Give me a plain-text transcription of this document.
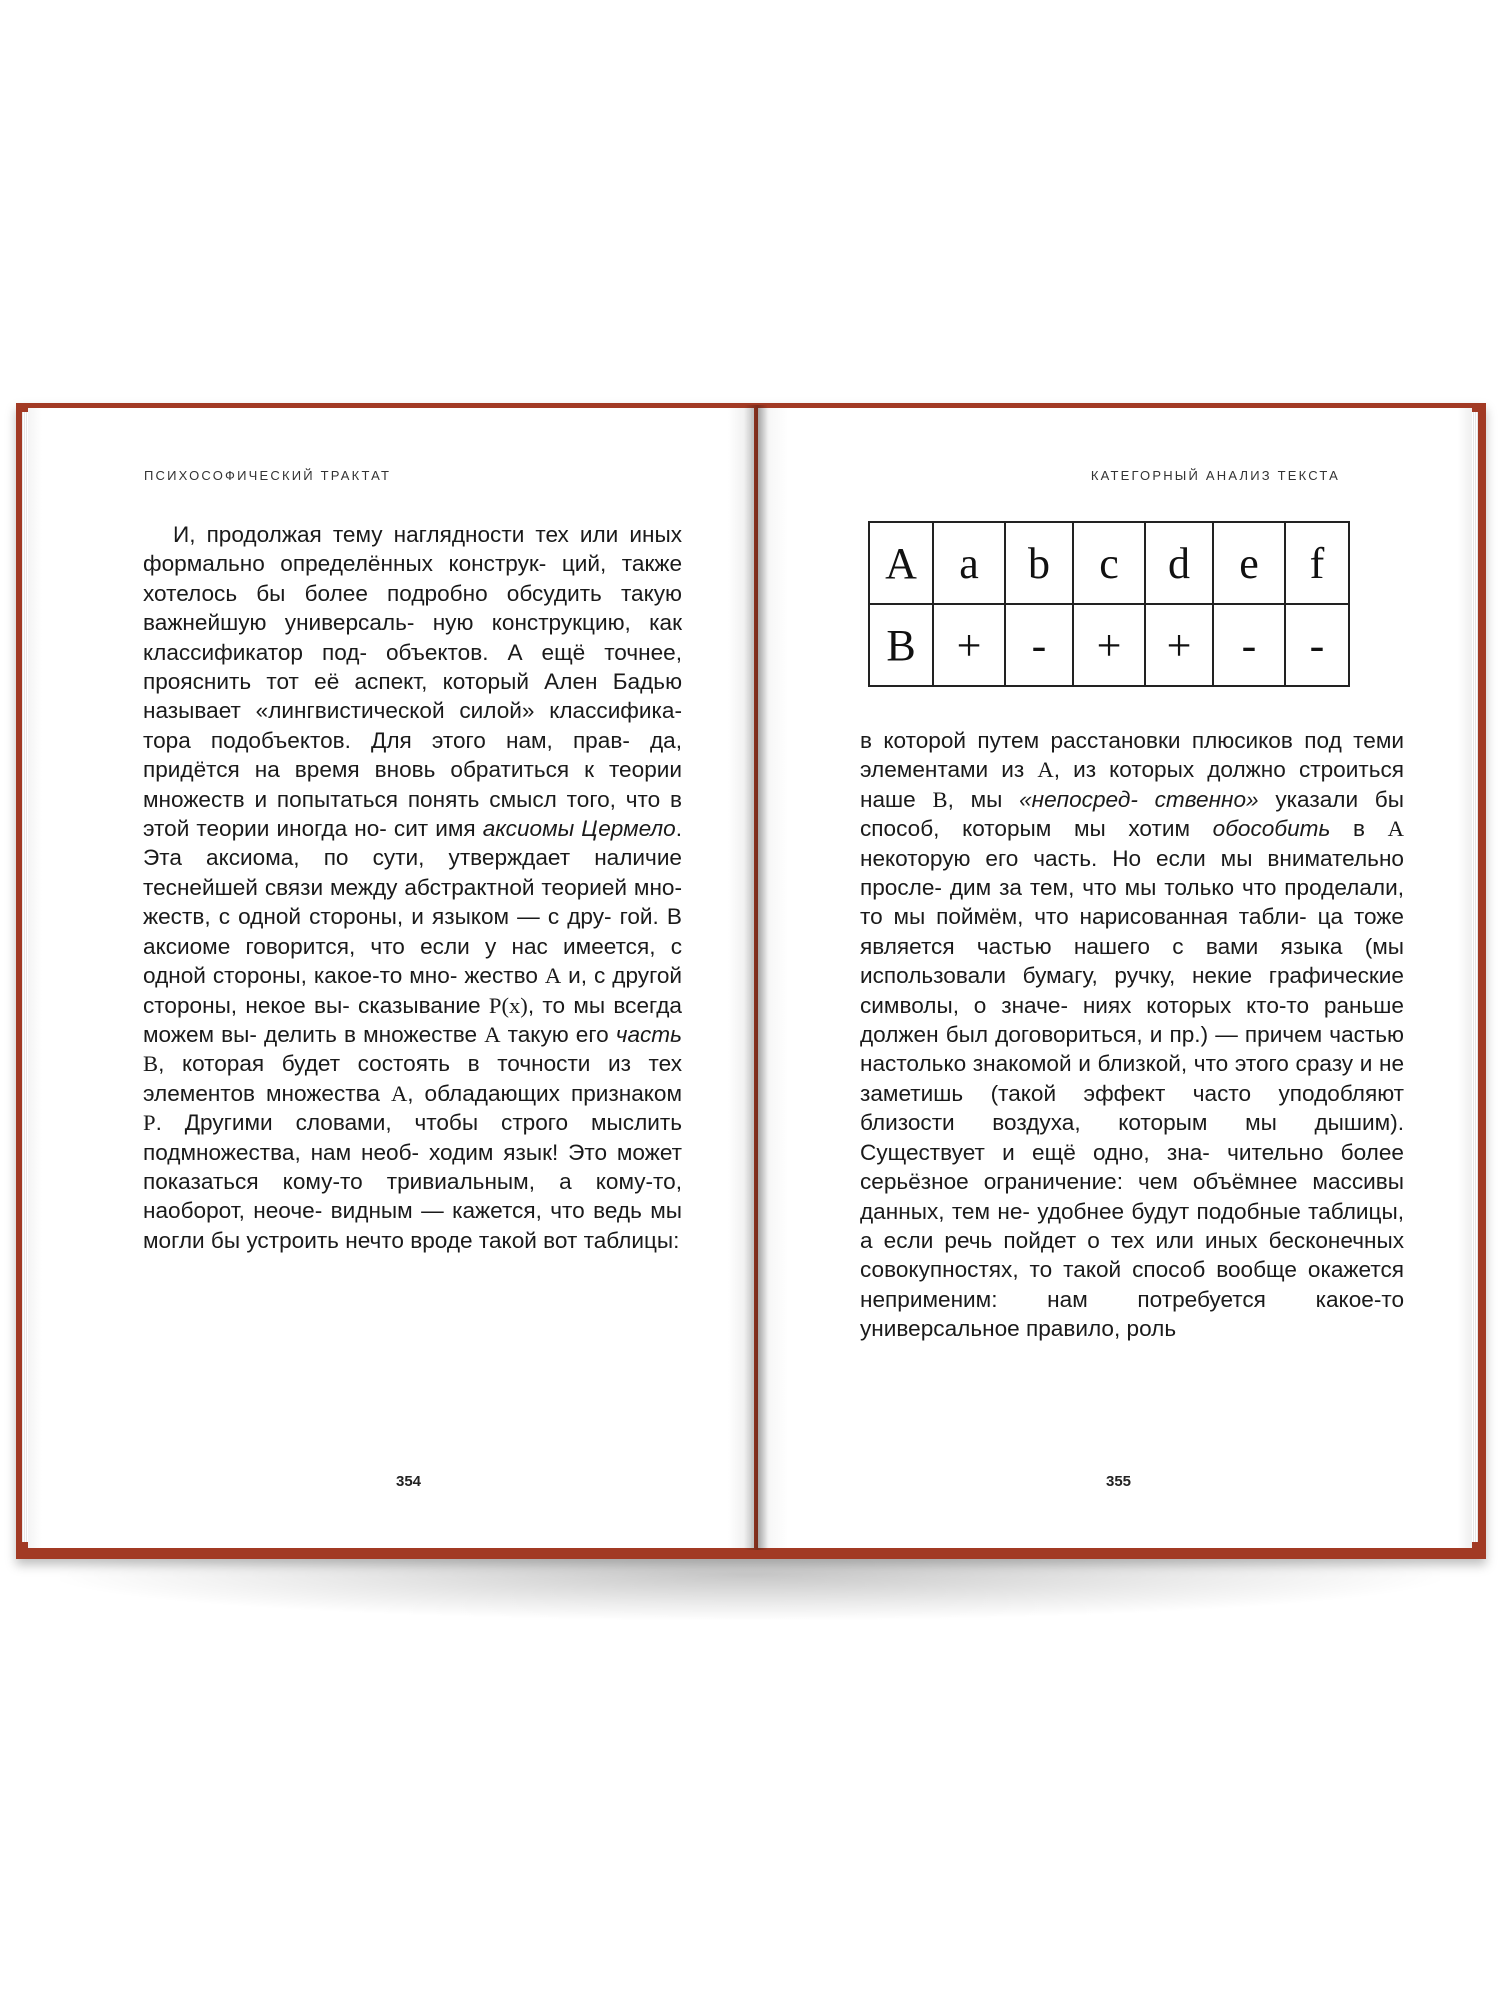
ПСИХОСОФИЧЕСКИЙ ТРАКТАТ

И, продолжая тему наглядности тех или иных формально определённых конструк- ций, также хотелось бы более подробно обсудить такую важнейшую универсаль- ную конструкцию, как классификатор под- объектов. А ещё точнее, прояснить тот её аспект, который Ален Бадью называет «лингвистической силой» классифика- тора подобъектов. Для этого нам, прав- да, придётся на время вновь обратиться к теории множеств и попытаться понять смысл того, что в этой теории иногда но- сит имя аксиомы Цермело. Эта аксиома, по сути, утверждает наличие теснейшей связи между абстрактной теорией мно- жеств, с одной стороны, и языком — с дру- гой. В аксиоме говорится, что если у нас имеется, с одной стороны, какое-то мно- жество A и, с другой стороны, некое вы- сказывание P(x), то мы всегда можем вы- делить в множестве A такую его часть B, которая будет состоять в точности из тех элементов множества A, обладающих признаком P. Другими словами, чтобы строго мыслить подмножества, нам необ- ходим язык! Это может показаться кому-то тривиальным, а кому-то, наоборот, неоче- видным — кажется, что ведь мы могли бы устроить нечто вроде такой вот таблицы:

354
КАТЕГОРНЫЙ АНАЛИЗ ТЕКСТА
A	a	b	c	d	e	f
B	+	-	+	+	-	-

в которой путем расстановки плюсиков под теми элементами из A, из которых должно строиться наше B, мы «непосред- ственно» указали бы способ, которым мы хотим обособить в A некоторую его часть. Но если мы внимательно просле- дим за тем, что мы только что проделали, то мы поймём, что нарисованная табли- ца тоже является частью нашего с вами языка (мы использовали бумагу, ручку, некие графические символы, о значе- ниях которых кто-то раньше должен был договориться, и пр.) — причем частью настолько знакомой и близкой, что этого сразу и не заметишь (такой эффект часто уподобляют близости воздуха, которым мы дышим). Существует и ещё одно, зна- чительно более серьёзное ограничение: чем объёмнее массивы данных, тем не- удобнее будут подобные таблицы, а если речь пойдет о тех или иных бесконечных совокупностях, то такой способ вообще окажется неприменим: нам потребуется какое-то универсальное правило, роль

355
